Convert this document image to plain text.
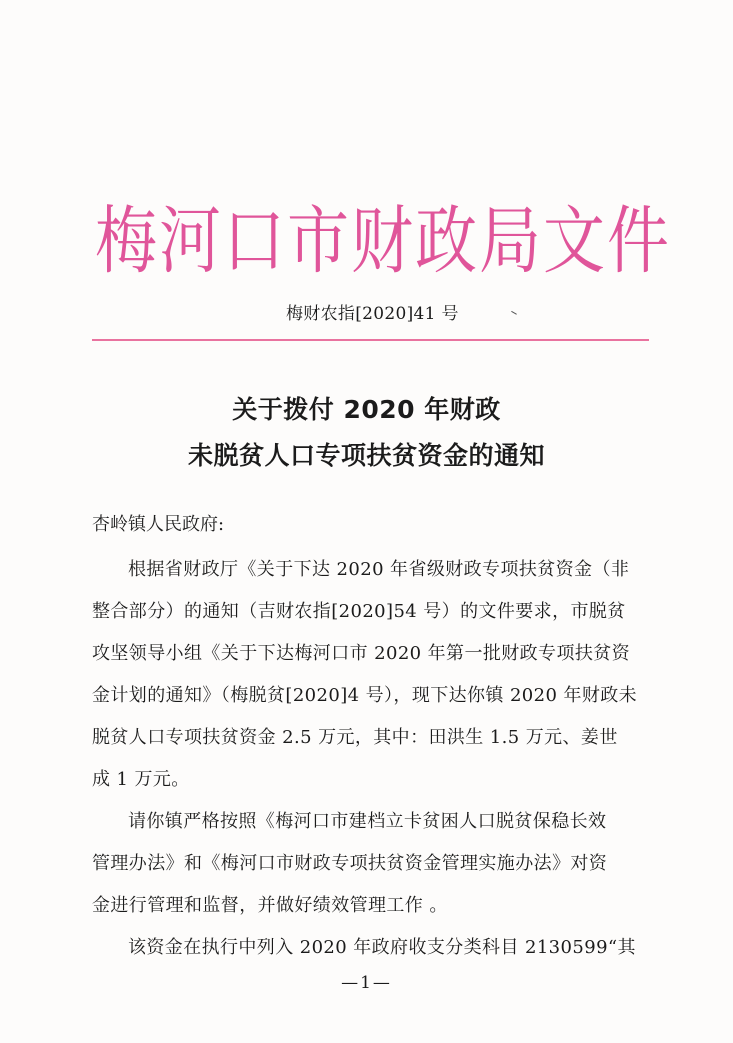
梅河口市财政局文件
梅财农指[2020]41 号
关于拨付 2020 年财政
未脱贫人口专项扶贫资金的通知
杏岭镇人民政府:
根据省财政厅《关于下达 2020 年省级财政专项扶贫资金（非
整合部分）的通知（吉财农指[2020]54 号）的文件要求，市脱贫
攻坚领导小组《关于下达梅河口市 2020 年第一批财政专项扶贫资
金计划的通知》（梅脱贫[2020]4 号），现下达你镇 2020 年财政未
脱贫人口专项扶贫资金 2.5 万元，其中：田洪生 1.5 万元、姜世
成 1 万元。
请你镇严格按照《梅河口市建档立卡贫困人口脱贫保稳长效
管理办法》和《梅河口市财政专项扶贫资金管理实施办法》对资
金进行管理和监督，并做好绩效管理工作 。
该资金在执行中列入 2020 年政府收支分类科目 2130599“其
—1—
